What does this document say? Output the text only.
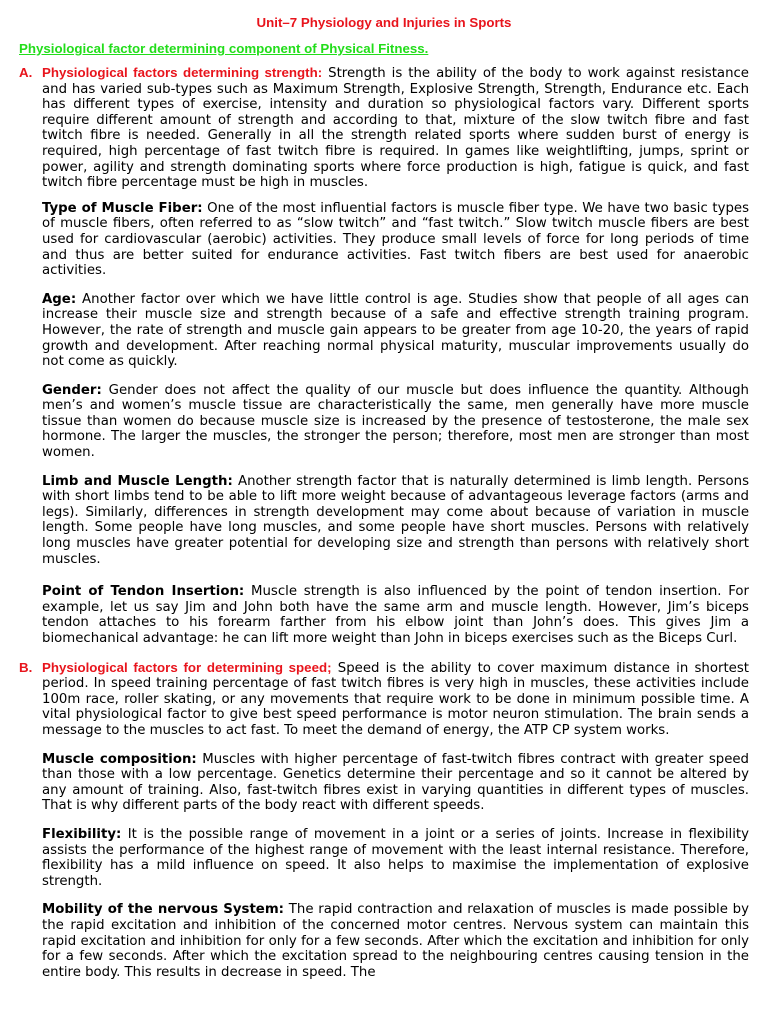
Unit–7 Physiology and Injuries in Sports
Physiological factor determining component of Physical Fitness.
A. Physiological factors determining strength: Strength is the ability of the body to work against resistance and has varied sub-types such as Maximum Strength, Explosive Strength, Strength, Endurance etc. Each has different types of exercise, intensity and duration so physiological factors vary. Different sports require different amount of strength and according to that, mixture of the slow twitch fibre and fast twitch fibre is needed. Generally in all the strength related sports where sudden burst of energy is required, high percentage of fast twitch fibre is required. In games like weightlifting, jumps, sprint or power, agility and strength dominating sports where force production is high, fatigue is quick, and fast twitch fibre percentage must be high in muscles.

Type of Muscle Fiber: One of the most influential factors is muscle fiber type. We have two basic types of muscle fibers, often referred to as “slow twitch” and “fast twitch.” Slow twitch muscle fibers are best used for cardiovascular (aerobic) activities. They produce small levels of force for long periods of time and thus are better suited for endurance activities. Fast twitch fibers are best used for anaerobic activities.

Age: Another factor over which we have little control is age. Studies show that people of all ages can increase their muscle size and strength because of a safe and effective strength training program. However, the rate of strength and muscle gain appears to be greater from age 10-20, the years of rapid growth and development. After reaching normal physical maturity, muscular improvements usually do not come as quickly.

Gender: Gender does not affect the quality of our muscle but does influence the quantity. Although men’s and women’s muscle tissue are characteristically the same, men generally have more muscle tissue than women do because muscle size is increased by the presence of testosterone, the male sex hormone. The larger the muscles, the stronger the person; therefore, most men are stronger than most women.

Limb and Muscle Length: Another strength factor that is naturally determined is limb length. Persons with short limbs tend to be able to lift more weight because of advantageous leverage factors (arms and legs). Similarly, differences in strength development may come about because of variation in muscle length. Some people have long muscles, and some people have short muscles. Persons with relatively long muscles have greater potential for developing size and strength than persons with relatively short muscles.

Point of Tendon Insertion: Muscle strength is also influenced by the point of tendon insertion. For example, let us say Jim and John both have the same arm and muscle length. However, Jim’s biceps tendon attaches to his forearm farther from his elbow joint than John’s does. This gives Jim a biomechanical advantage: he can lift more weight than John in biceps exercises such as the Biceps Curl.

B. Physiological factors for determining speed; Speed is the ability to cover maximum distance in shortest period. In speed training percentage of fast twitch fibres is very high in muscles, these activities include 100m race, roller skating, or any movements that require work to be done in minimum possible time. A vital physiological factor to give best speed performance is motor neuron stimulation. The brain sends a message to the muscles to act fast. To meet the demand of energy, the ATP CP system works.

Muscle composition: Muscles with higher percentage of fast-twitch fibres contract with greater speed than those with a low percentage. Genetics determine their percentage and so it cannot be altered by any amount of training. Also, fast-twitch fibres exist in varying quantities in different types of muscles. That is why different parts of the body react with different speeds.

Flexibility: It is the possible range of movement in a joint or a series of joints. Increase in flexibility assists the performance of the highest range of movement with the least internal resistance. Therefore, flexibility has a mild influence on speed. It also helps to maximise the implementation of explosive strength.

Mobility of the nervous System: The rapid contraction and relaxation of muscles is made possible by the rapid excitation and inhibition of the concerned motor centres. Nervous system can maintain this rapid excitation and inhibition for only for a few seconds. After which the excitation and inhibition for only for a few seconds. After which the excitation spread to the neighbouring centres causing tension in the entire body. This results in decrease in speed. The
